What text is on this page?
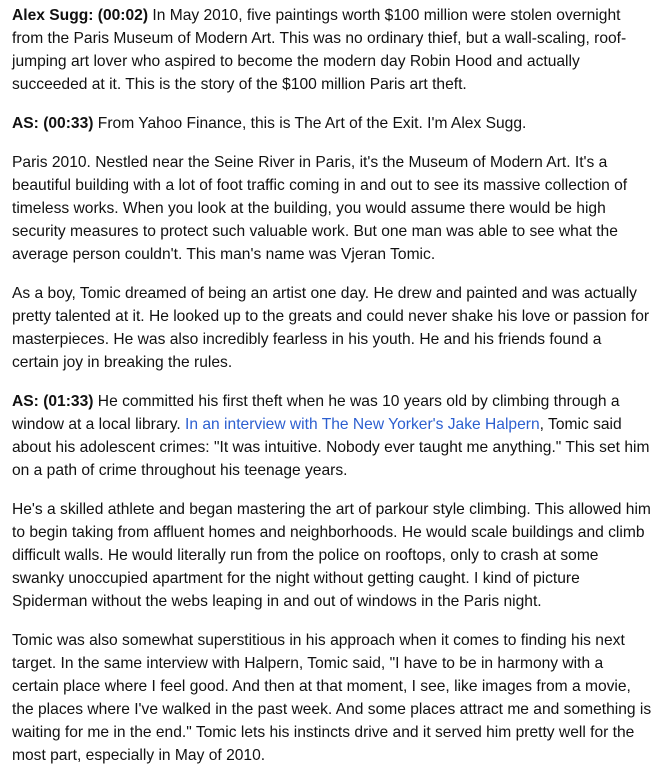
Alex Sugg: (00:02) In May 2010, five paintings worth $100 million were stolen overnight from the Paris Museum of Modern Art. This was no ordinary thief, but a wall-scaling, roof-jumping art lover who aspired to become the modern day Robin Hood and actually succeeded at it. This is the story of the $100 million Paris art theft.

AS: (00:33) From Yahoo Finance, this is The Art of the Exit. I'm Alex Sugg.

Paris 2010. Nestled near the Seine River in Paris, it's the Museum of Modern Art. It's a beautiful building with a lot of foot traffic coming in and out to see its massive collection of timeless works. When you look at the building, you would assume there would be high security measures to protect such valuable work. But one man was able to see what the average person couldn't. This man's name was Vjeran Tomic.

As a boy, Tomic dreamed of being an artist one day. He drew and painted and was actually pretty talented at it. He looked up to the greats and could never shake his love or passion for masterpieces. He was also incredibly fearless in his youth. He and his friends found a certain joy in breaking the rules.

AS: (01:33) He committed his first theft when he was 10 years old by climbing through a window at a local library. In an interview with The New Yorker's Jake Halpern, Tomic said about his adolescent crimes: "It was intuitive. Nobody ever taught me anything." This set him on a path of crime throughout his teenage years.

He's a skilled athlete and began mastering the art of parkour style climbing. This allowed him to begin taking from affluent homes and neighborhoods. He would scale buildings and climb difficult walls. He would literally run from the police on rooftops, only to crash at some swanky unoccupied apartment for the night without getting caught. I kind of picture Spiderman without the webs leaping in and out of windows in the Paris night.

Tomic was also somewhat superstitious in his approach when it comes to finding his next target. In the same interview with Halpern, Tomic said, "I have to be in harmony with a certain place where I feel good. And then at that moment, I see, like images from a movie, the places where I've walked in the past week. And some places attract me and something is waiting for me in the end." Tomic lets his instincts drive and it served him pretty well for the most part, especially in May of 2010.
